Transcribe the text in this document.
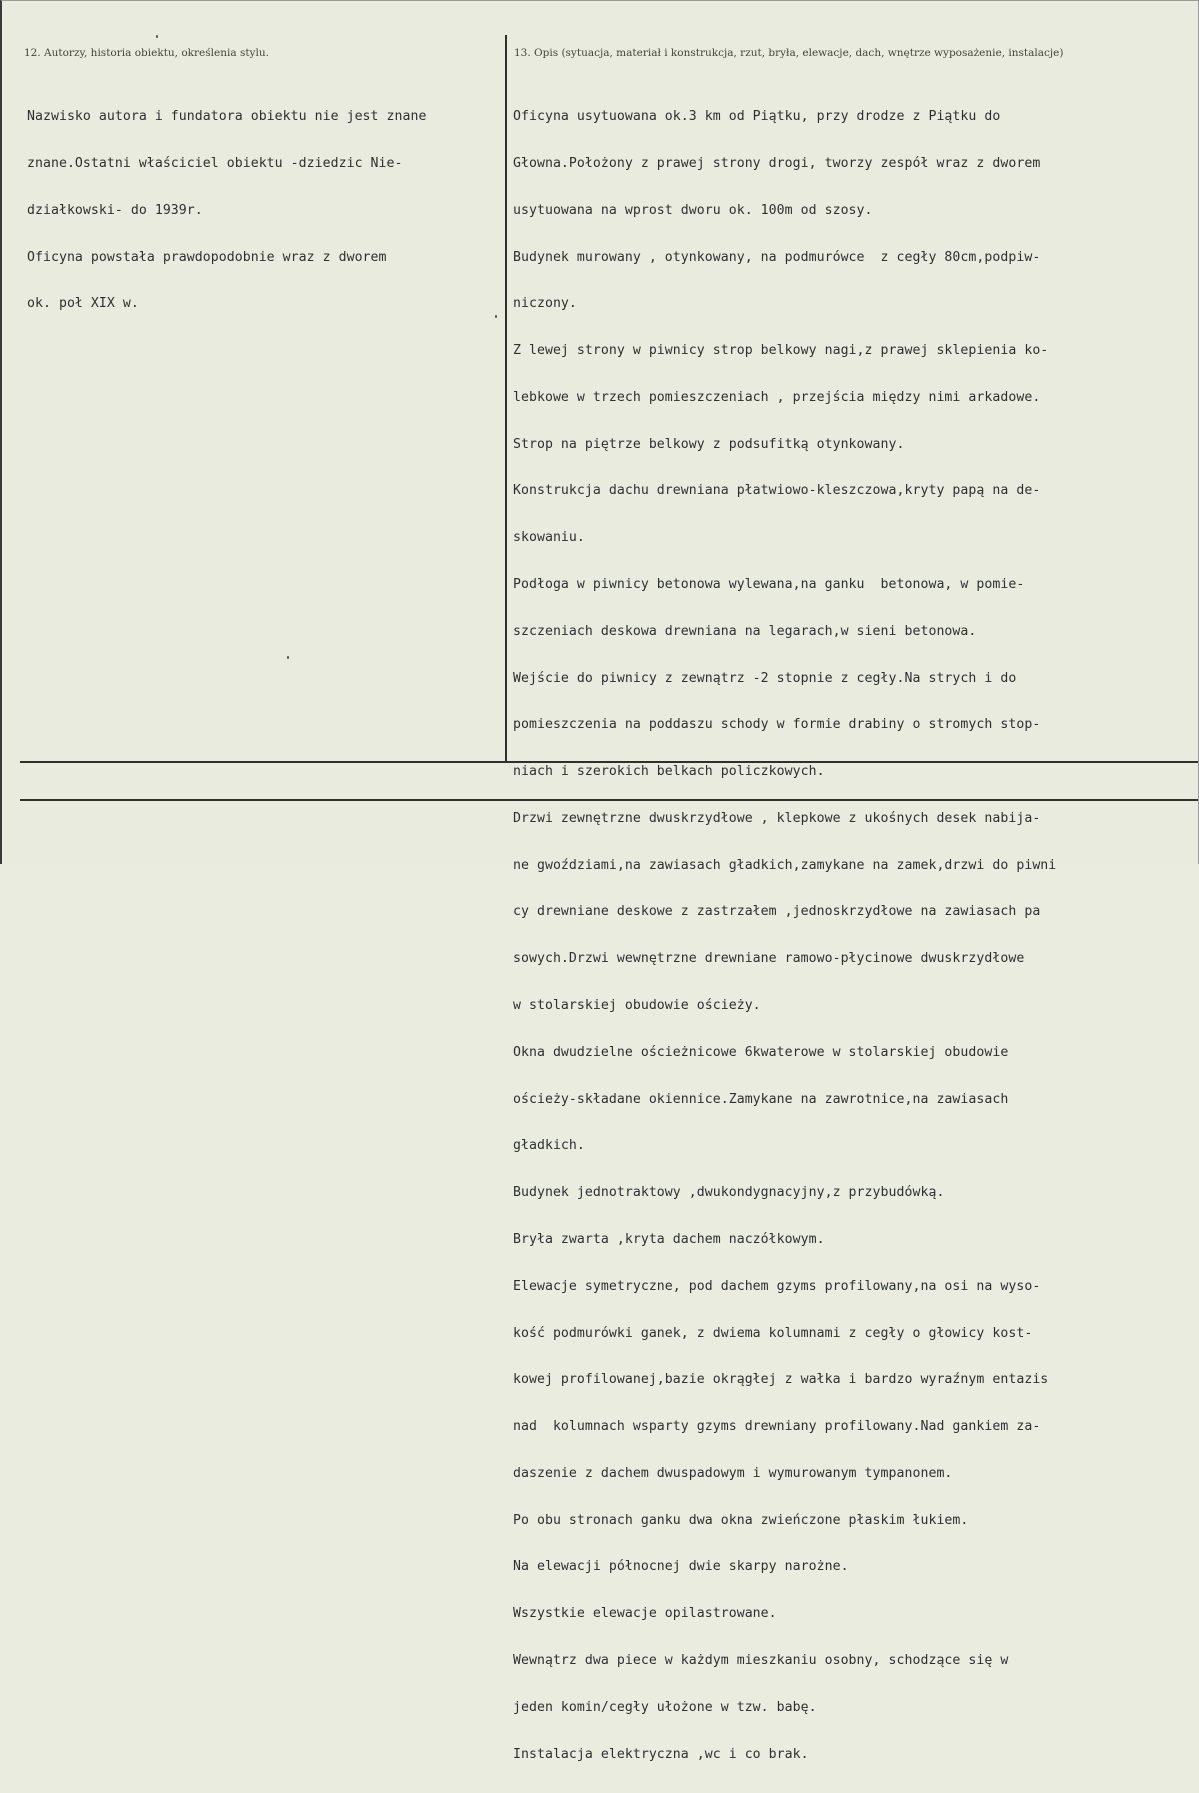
12. Autorzy, historia obiektu, określenia stylu.	13. Opis (sytuacja, materiał i konstrukcja, rzut, bryła, elewacje, dach, wnętrze wyposażenie, instalacje)

Nazwisko autora i fundatora obiektu nie jest znane

znane.Ostatni właściciel obiektu -dziedzic Nie-

działkowski- do 1939r.

Oficyna powstała prawdopodobnie wraz z dworem

ok. poł XIX w.

Oficyna usytuowana ok.3 km od Piątku, przy drodze z Piątku do

Głowna.Położony z prawej strony drogi, tworzy zespół wraz z dworem

usytuowana na wprost dworu ok. 100m od szosy.

Budynek murowany , otynkowany, na podmurówce  z cegły 80cm,podpiw-

niczony.

Z lewej strony w piwnicy strop belkowy nagi,z prawej sklepienia ko-

lebkowe w trzech pomieszczeniach , przejścia między nimi arkadowe.

Strop na piętrze belkowy z podsufitką otynkowany.

Konstrukcja dachu drewniana płatwiowo-kleszczowa,kryty papą na de-

skowaniu.

Podłoga w piwnicy betonowa wylewana,na ganku  betonowa, w pomie-

szczeniach deskowa drewniana na legarach,w sieni betonowa.

Wejście do piwnicy z zewnątrz -2 stopnie z cegły.Na strych i do

pomieszczenia na poddaszu schody w formie drabiny o stromych stop-

niach i szerokich belkach policzkowych.

Drzwi zewnętrzne dwuskrzydłowe , klepkowe z ukośnych desek nabija-

ne gwoździami,na zawiasach gładkich,zamykane na zamek,drzwi do piwni

cy drewniane deskowe z zastrzałem ,jednoskrzydłowe na zawiasach pa

sowych.Drzwi wewnętrzne drewniane ramowo-płycinowe dwuskrzydłowe

w stolarskiej obudowie ościeży.

Okna dwudzielne ościeżnicowe 6kwaterowe w stolarskiej obudowie

ościeży-składane okiennice.Zamykane na zawrotnice,na zawiasach

gładkich.

Budynek jednotraktowy ,dwukondygnacyjny,z przybudówką.

Bryła zwarta ,kryta dachem naczółkowym.

Elewacje symetryczne, pod dachem gzyms profilowany,na osi na wyso-

kość podmurówki ganek, z dwiema kolumnami z cegły o głowicy kost-

kowej profilowanej,bazie okrągłej z wałka i bardzo wyraźnym entazis

nad  kolumnach wsparty gzyms drewniany profilowany.Nad gankiem za-

daszenie z dachem dwuspadowym i wymurowanym tympanonem.

Po obu stronach ganku dwa okna zwieńczone płaskim łukiem.

Na elewacji północnej dwie skarpy narożne.

Wszystkie elewacje opilastrowane.

Wewnątrz dwa piece w każdym mieszkaniu osobny, schodzące się w

jeden komin/cegły ułożone w tzw. babę.

Instalacja elektryczna ,wc i co brak.
